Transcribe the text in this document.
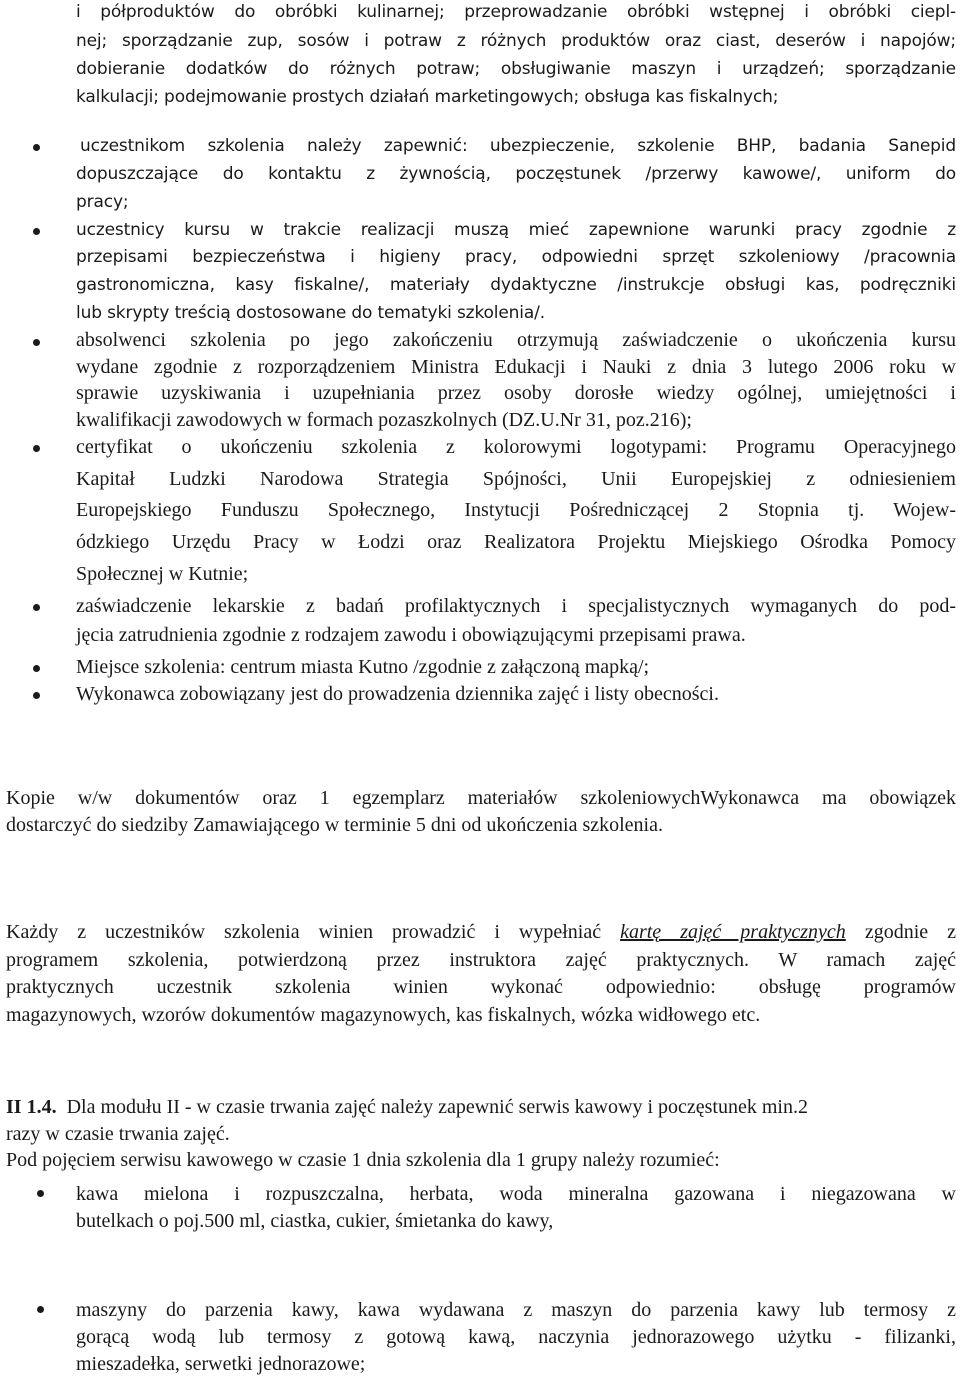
i półproduktów do obróbki kulinarnej; przeprowadzanie obróbki wstępnej i obróbki ciepl-
nej; sporządzanie zup, sosów i potraw z różnych produktów oraz ciast, deserów i napojów;
dobieranie dodatków do różnych potraw; obsługiwanie maszyn i urządzeń; sporządzanie
kalkulacji; podejmowanie prostych działań marketingowych; obsługa kas fiskalnych;
uczestnikom szkolenia należy zapewnić: ubezpieczenie, szkolenie BHP, badania Sanepid
dopuszczające do kontaktu z żywnością, poczęstunek /przerwy kawowe/, uniform do
pracy;
uczestnicy kursu w trakcie realizacji muszą mieć zapewnione warunki pracy zgodnie z
przepisami bezpieczeństwa i higieny pracy, odpowiedni sprzęt szkoleniowy /pracownia
gastronomiczna, kasy fiskalne/, materiały dydaktyczne /instrukcje obsługi kas, podręczniki
lub skrypty treścią dostosowane do tematyki szkolenia/.
absolwenci szkolenia po jego zakończeniu otrzymują zaświadczenie o ukończenia kursu
wydane zgodnie z rozporządzeniem Ministra Edukacji i Nauki z dnia 3 lutego 2006 roku w
sprawie uzyskiwania i uzupełniania przez osoby dorosłe wiedzy ogólnej, umiejętności i
kwalifikacji zawodowych w formach pozaszkolnych (DZ.U.Nr 31, poz.216);
certyfikat o ukończeniu szkolenia z kolorowymi logotypami: Programu Operacyjnego
Kapitał Ludzki Narodowa Strategia Spójności, Unii Europejskiej z odniesieniem
Europejskiego Funduszu Społecznego, Instytucji Pośredniczącej 2 Stopnia tj. Wojew-
ódzkiego Urzędu Pracy w Łodzi oraz Realizatora Projektu Miejskiego Ośrodka Pomocy
Społecznej w Kutnie;
zaświadczenie lekarskie z badań profilaktycznych i specjalistycznych wymaganych do pod-
jęcia zatrudnienia zgodnie z rodzajem zawodu i obowiązującymi przepisami prawa.
Miejsce szkolenia: centrum miasta Kutno /zgodnie z załączoną mapką/;
Wykonawca zobowiązany jest do prowadzenia dziennika zajęć i listy obecności.
Kopie w/w dokumentów oraz 1 egzemplarz materiałów szkoleniowychWykonawca ma obowiązek
dostarczyć do siedziby Zamawiającego w terminie 5 dni od ukończenia szkolenia.
Każdy z uczestników szkolenia winien prowadzić i wypełniać kartę zajęć praktycznych zgodnie z
programem szkolenia, potwierdzoną przez instruktora zajęć praktycznych. W ramach zajęć
praktycznych uczestnik szkolenia winien wykonać odpowiednio: obsługę programów
magazynowych, wzorów dokumentów magazynowych, kas fiskalnych, wózka widłowego etc.
II 1.4. Dla modułu II - w czasie trwania zajęć należy zapewnić serwis kawowy i poczęstunek min.2
razy w czasie trwania zajęć.
Pod pojęciem serwisu kawowego w czasie 1 dnia szkolenia dla 1 grupy należy rozumieć:
kawa mielona i rozpuszczalna, herbata, woda mineralna gazowana i niegazowana w
butelkach o poj.500 ml, ciastka, cukier, śmietanka do kawy,
maszyny do parzenia kawy, kawa wydawana z maszyn do parzenia kawy lub termosy z
gorącą wodą lub termosy z gotową kawą, naczynia jednorazowego użytku - filizanki,
mieszadełka, serwetki jednorazowe;
